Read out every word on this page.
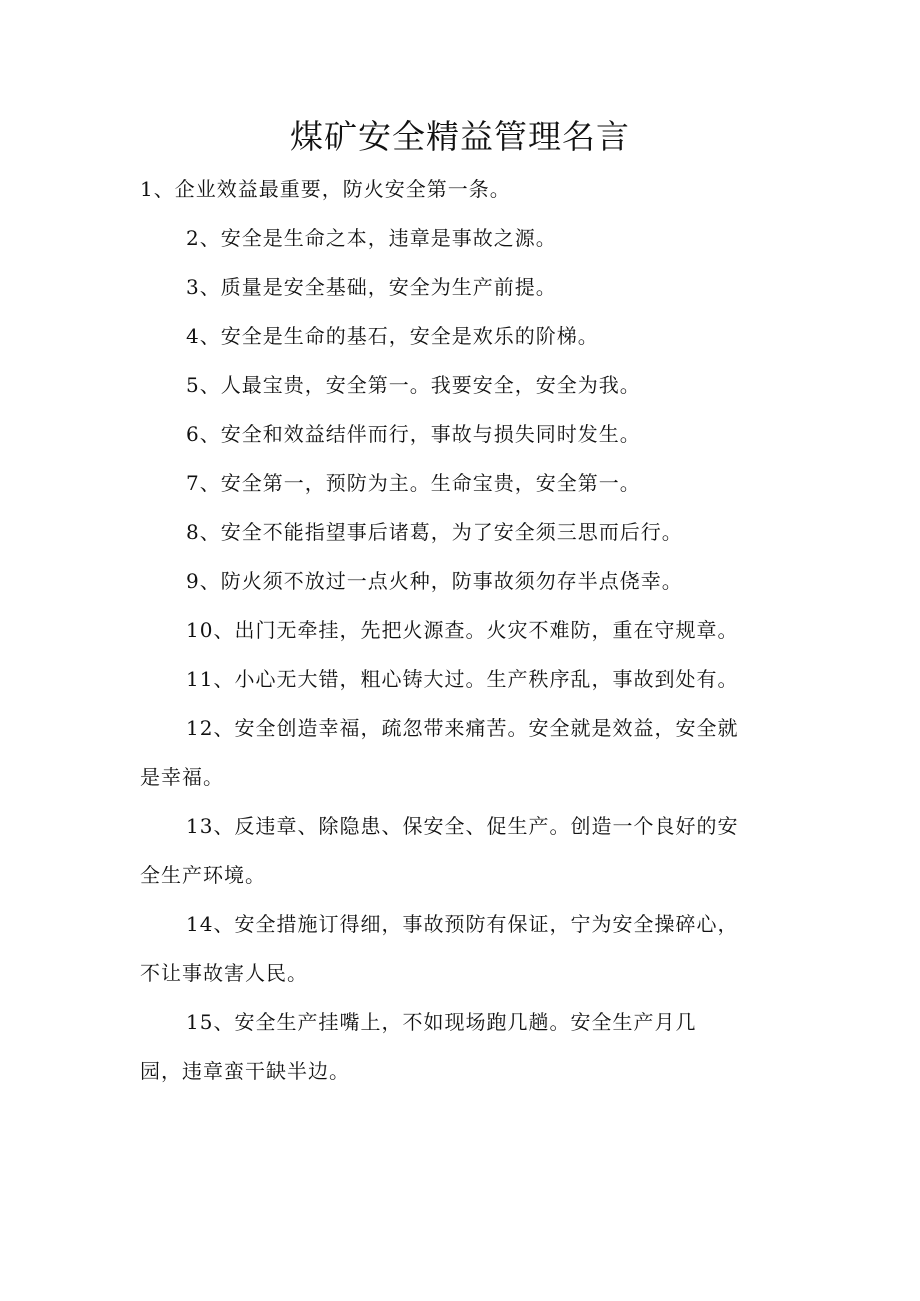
煤矿安全精益管理名言
1、企业效益最重要，防火安全第一条。
2、安全是生命之本，违章是事故之源。
3、质量是安全基础，安全为生产前提。
4、安全是生命的基石，安全是欢乐的阶梯。
5、人最宝贵，安全第一。我要安全，安全为我。
6、安全和效益结伴而行，事故与损失同时发生。
7、安全第一，预防为主。生命宝贵，安全第一。
8、安全不能指望事后诸葛，为了安全须三思而后行。
9、防火须不放过一点火种，防事故须勿存半点侥幸。
10、出门无牵挂，先把火源查。火灾不难防，重在守规章。
11、小心无大错，粗心铸大过。生产秩序乱，事故到处有。
12、安全创造幸福，疏忽带来痛苦。安全就是效益，安全就
是幸福。
13、反违章、除隐患、保安全、促生产。创造一个良好的安
全生产环境。
14、安全措施订得细，事故预防有保证，宁为安全操碎心，
不让事故害人民。
15、安全生产挂嘴上，不如现场跑几趟。安全生产月几
园，违章蛮干缺半边。
